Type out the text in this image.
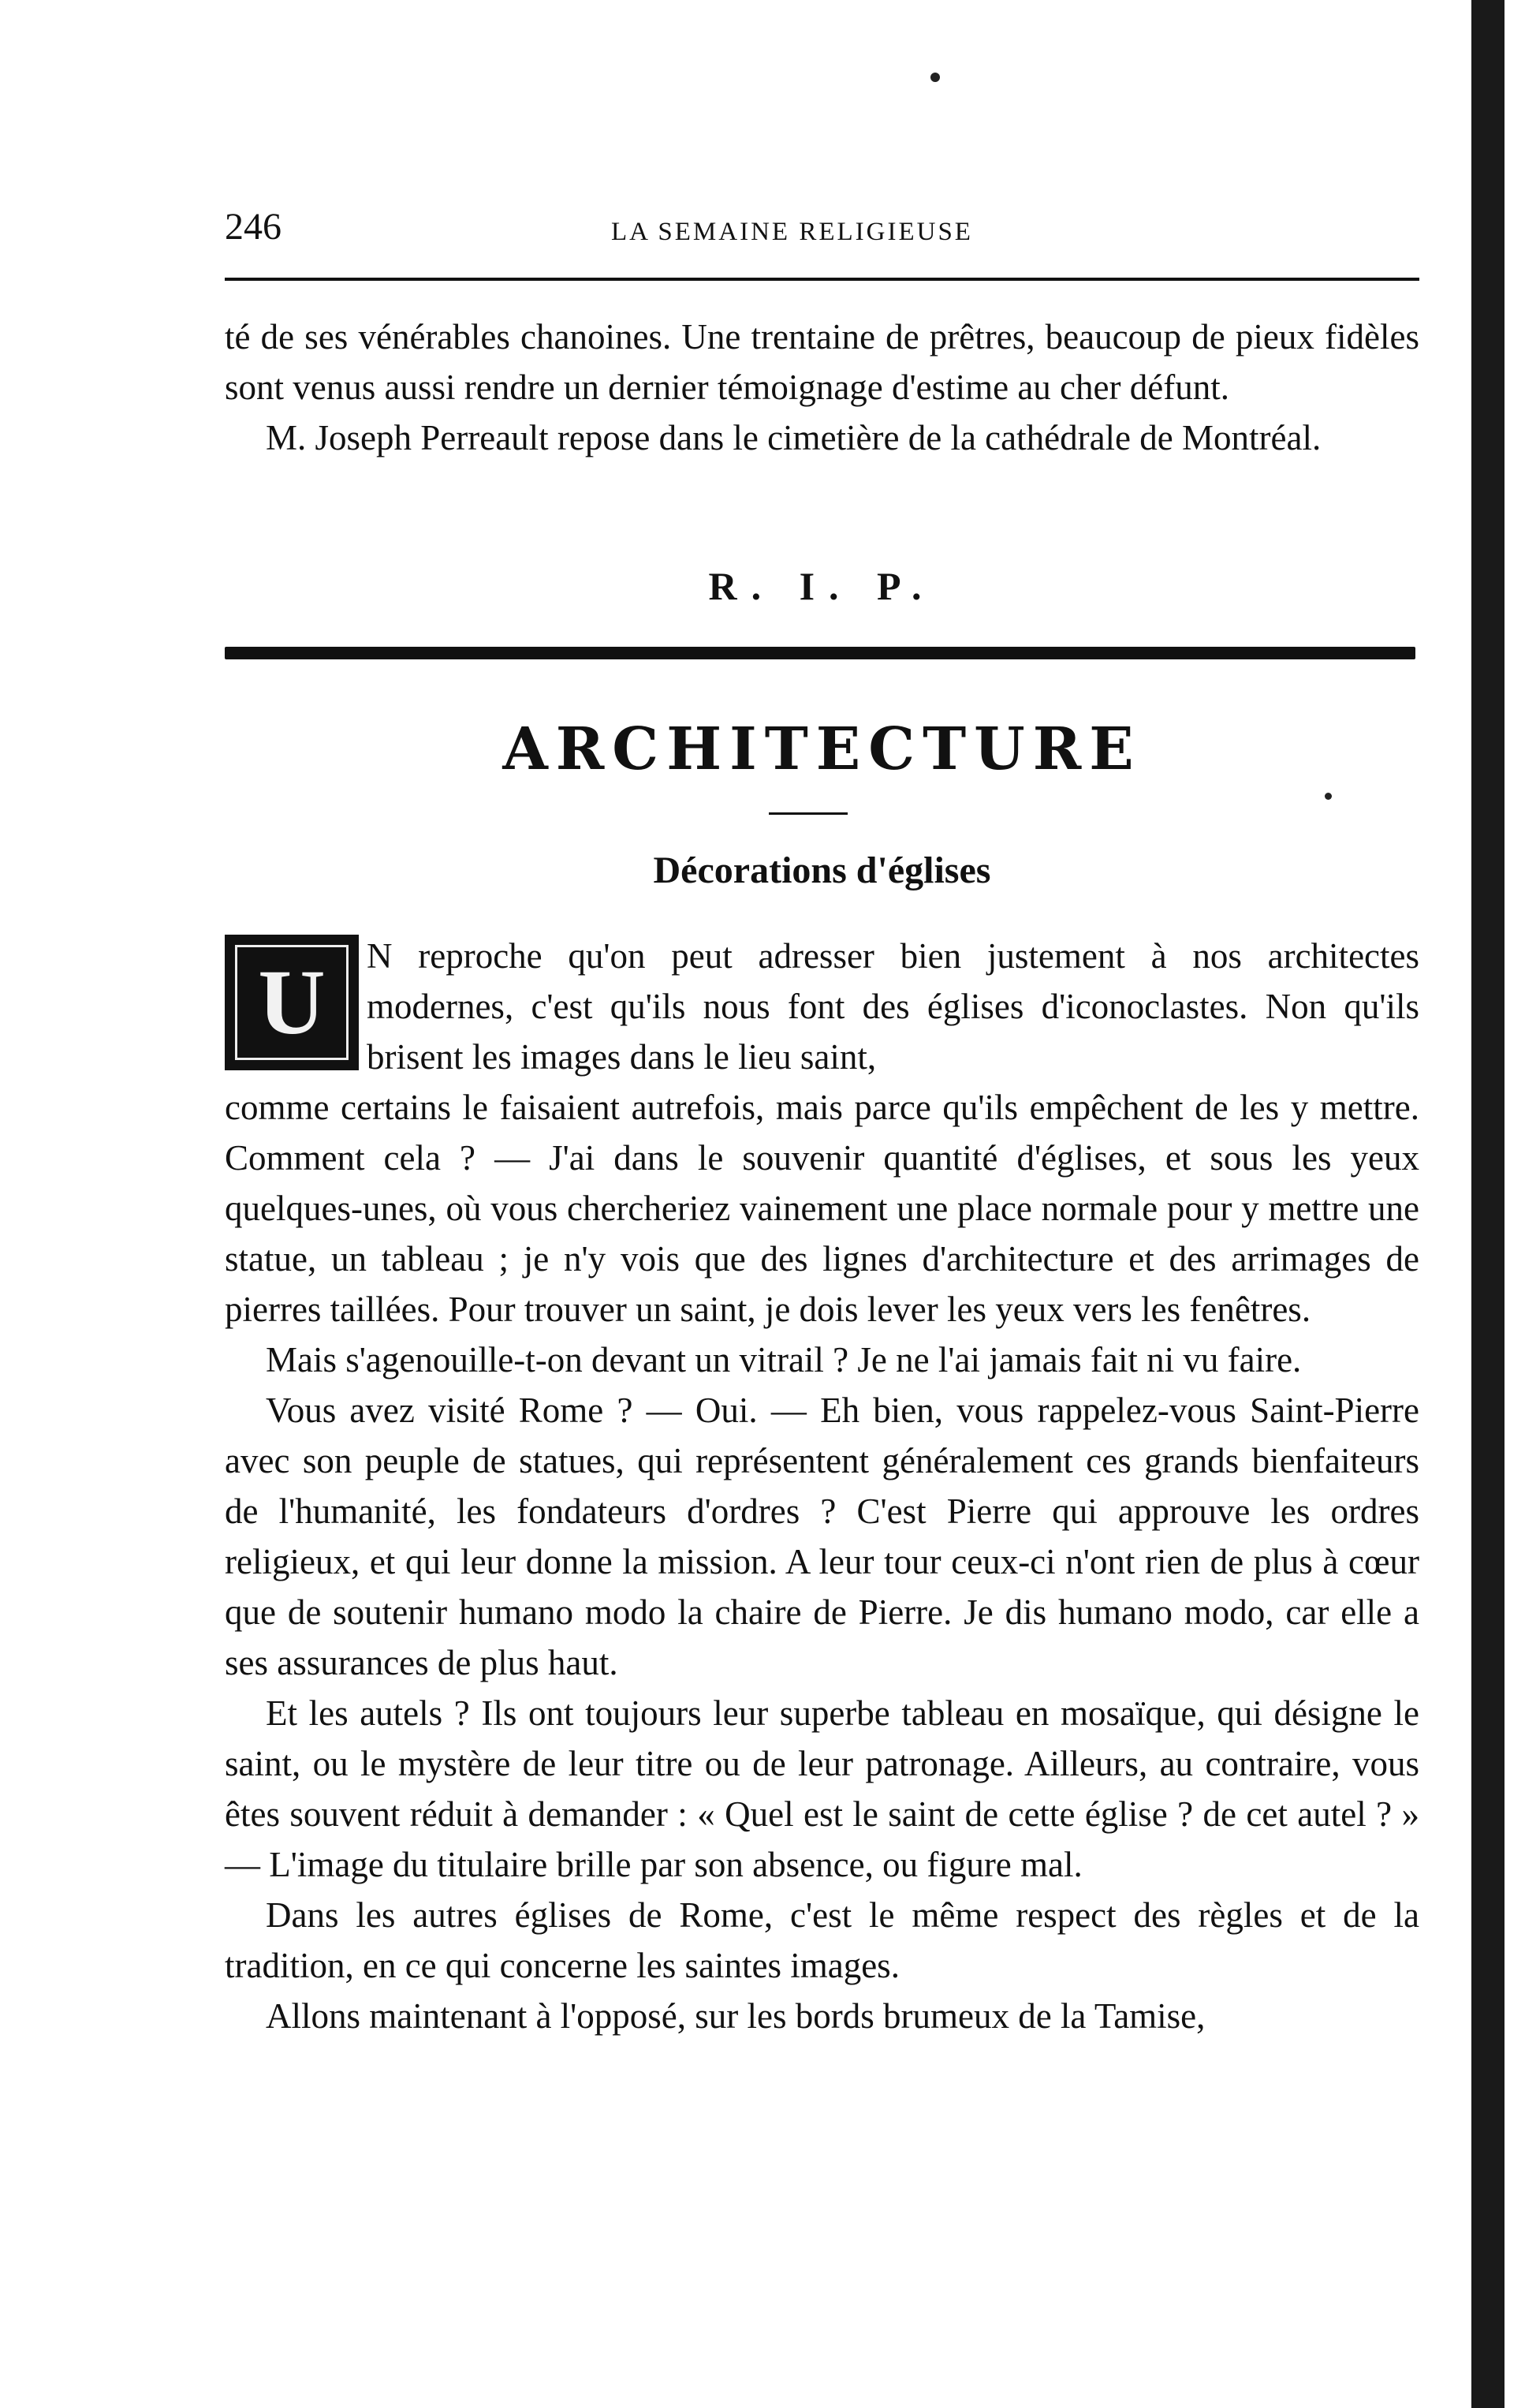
246	LA SEMAINE RELIGIEUSE

té de ses vénérables chanoines. Une trentaine de prêtres, beaucoup de pieux fidèles sont venus aussi rendre un dernier témoignage d'estime au cher défunt.

M. Joseph Perreault repose dans le cimetière de la cathédrale de Montréal.

R. I. P.
ARCHITECTURE
Décorations d'églises
U	N reproche qu'on peut adresser bien justement à nos architectes modernes, c'est qu'ils nous font des églises d'iconoclastes. Non qu'ils brisent les images dans le lieu saint,

comme certains le faisaient autrefois, mais parce qu'ils empêchent de les y mettre. Comment cela ? — J'ai dans le souvenir quantité d'églises, et sous les yeux quelques-unes, où vous chercheriez vainement une place normale pour y mettre une statue, un tableau ; je n'y vois que des lignes d'architecture et des arrimages de pierres taillées. Pour trouver un saint, je dois lever les yeux vers les fenêtres.

Mais s'agenouille-t-on devant un vitrail ? Je ne l'ai jamais fait ni vu faire.

Vous avez visité Rome ? — Oui. — Eh bien, vous rappelez-vous Saint-Pierre avec son peuple de statues, qui représentent généralement ces grands bienfaiteurs de l'humanité, les fondateurs d'ordres ? C'est Pierre qui approuve les ordres religieux, et qui leur donne la mission. A leur tour ceux-ci n'ont rien de plus à cœur que de soutenir humano modo la chaire de Pierre. Je dis humano modo, car elle a ses assurances de plus haut.

Et les autels ? Ils ont toujours leur superbe tableau en mosaïque, qui désigne le saint, ou le mystère de leur titre ou de leur patronage. Ailleurs, au contraire, vous êtes souvent réduit à demander : « Quel est le saint de cette église ? de cet autel ? » — L'image du titulaire brille par son absence, ou figure mal.

Dans les autres églises de Rome, c'est le même respect des règles et de la tradition, en ce qui concerne les saintes images.

Allons maintenant à l'opposé, sur les bords brumeux de la Tamise,
